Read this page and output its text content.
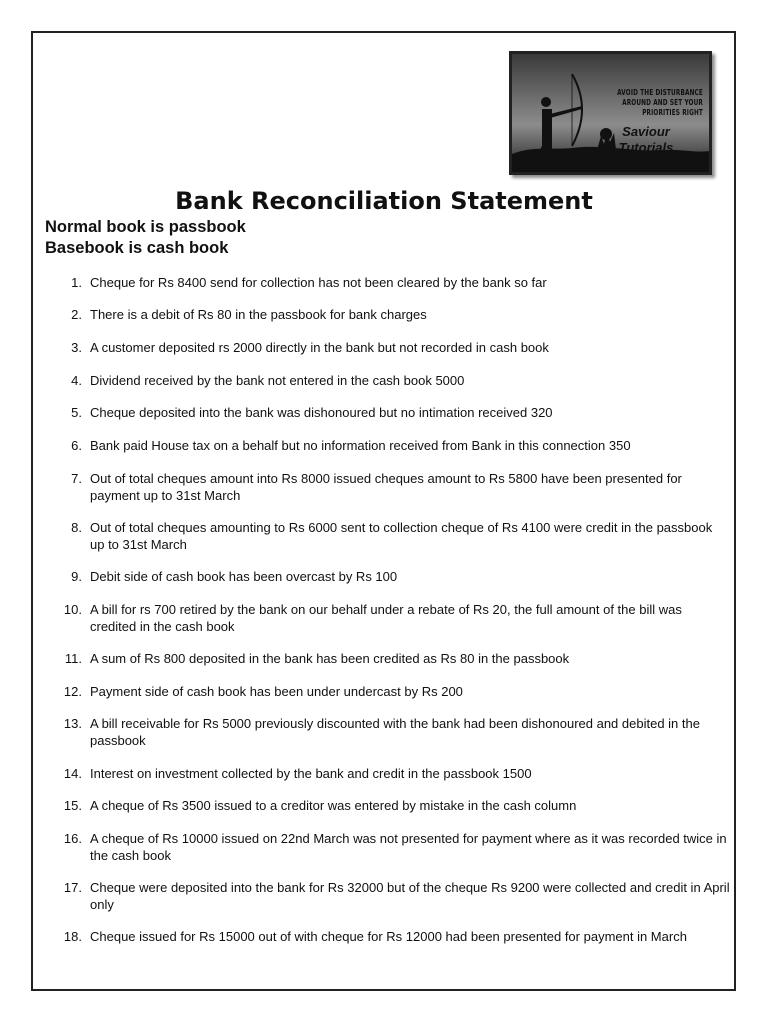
AVOID THE DISTURBANCE AROUND AND SET YOUR PRIORITIES RIGHT
Saviour Tutorials
Bank Reconciliation Statement
Normal book is passbook
Basebook is cash book
1. Cheque for Rs 8400 send for collection has not been cleared by the bank so far
2. There is a debit of Rs 80 in the passbook for bank charges
3. A customer deposited rs 2000 directly in the bank but not recorded in cash book
4. Dividend received by the bank not entered in the cash book 5000
5. Cheque deposited into the bank was dishonoured but no intimation received 320
6. Bank paid House tax on a behalf but no information received from Bank in this connection 350
7. Out of total cheques amount into Rs 8000 issued cheques amount to Rs 5800 have been presented for payment up to 31st March
8. Out of total cheques amounting to Rs 6000 sent to collection cheque of Rs 4100 were credit in the passbook up to 31st March
9. Debit side of cash book has been overcast by Rs 100
10. A bill for rs 700 retired by the bank on our behalf under a rebate of Rs 20, the full amount of the bill was credited in the cash book
11. A sum of Rs 800 deposited in the bank has been credited as Rs 80 in the passbook
12. Payment side of cash book has been under undercast by Rs 200
13. A bill receivable for Rs 5000 previously discounted with the bank had been dishonoured and debited in the passbook
14. Interest on investment collected by the bank and credit in the passbook 1500
15. A cheque of Rs 3500 issued to a creditor was entered by mistake in the cash column
16. A cheque of Rs 10000 issued on 22nd March was not presented for payment where as it was recorded twice in the cash book
17. Cheque were deposited into the bank for Rs 32000 but of the cheque Rs 9200 were collected and credit in April only
18. Cheque issued for Rs 15000 out of with cheque for Rs 12000 had been presented for payment in March
